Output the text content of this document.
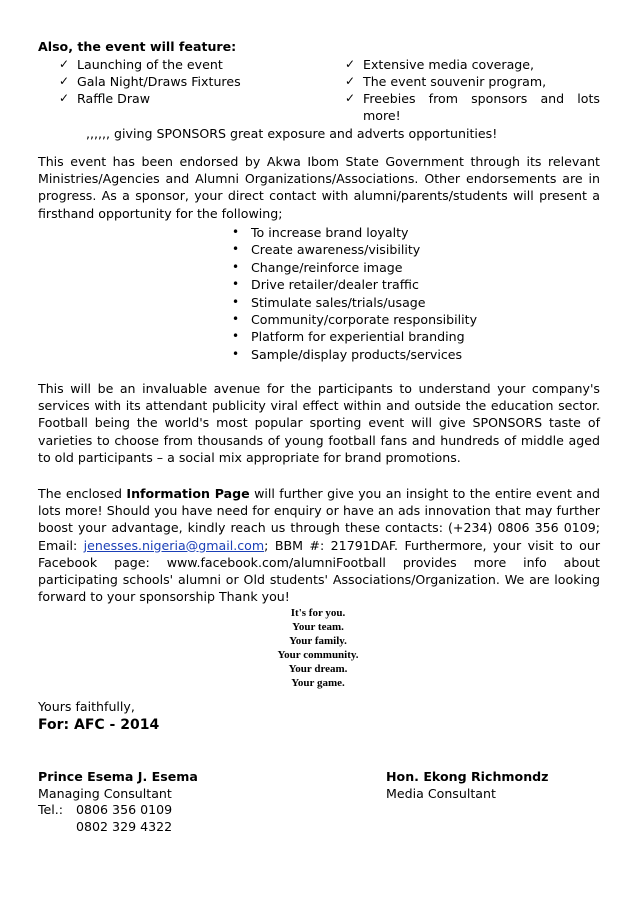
Also, the event will feature:
✓ Launching of the event
✓ Gala Night/Draws Fixtures
✓ Raffle Draw
✓ Extensive media coverage,
✓ The event souvenir program,
✓ Freebies from sponsors and lots
more!
,,,,,, giving SPONSORS great exposure and adverts opportunities!
This event has been endorsed by Akwa Ibom State Government through its relevant Ministries/Agencies and Alumni Organizations/Associations. Other endorsements are in progress. As a sponsor, your direct contact with alumni/parents/students will present a firsthand opportunity for the following;
• To increase brand loyalty
• Create awareness/visibility
• Change/reinforce image
• Drive retailer/dealer traffic
• Stimulate sales/trials/usage
• Community/corporate responsibility
• Platform for experiential branding
• Sample/display products/services
This will be an invaluable avenue for the participants to understand your company's services with its attendant publicity viral effect within and outside the education sector. Football being the world's most popular sporting event will give SPONSORS taste of varieties to choose from thousands of young football fans and hundreds of middle aged to old participants – a social mix appropriate for brand promotions.
The enclosed Information Page will further give you an insight to the entire event and lots more! Should you have need for enquiry or have an ads innovation that may further boost your advantage, kindly reach us through these contacts: (+234) 0806 356 0109; Email: jenesses.nigeria@gmail.com; BBM #: 21791DAF. Furthermore, your visit to our Facebook page: www.facebook.com/alumniFootball provides more info about participating schools' alumni or Old students' Associations/Organization. We are looking forward to your sponsorship Thank you!
It's for you.
Your team.
Your family.
Your community.
Your dream.
Your game.
Yours faithfully,
For: AFC - 2014
Prince Esema J. Esema
Managing Consultant
Tel.: 0806 356 0109
0802 329 4322
Hon. Ekong Richmondz
Media Consultant
